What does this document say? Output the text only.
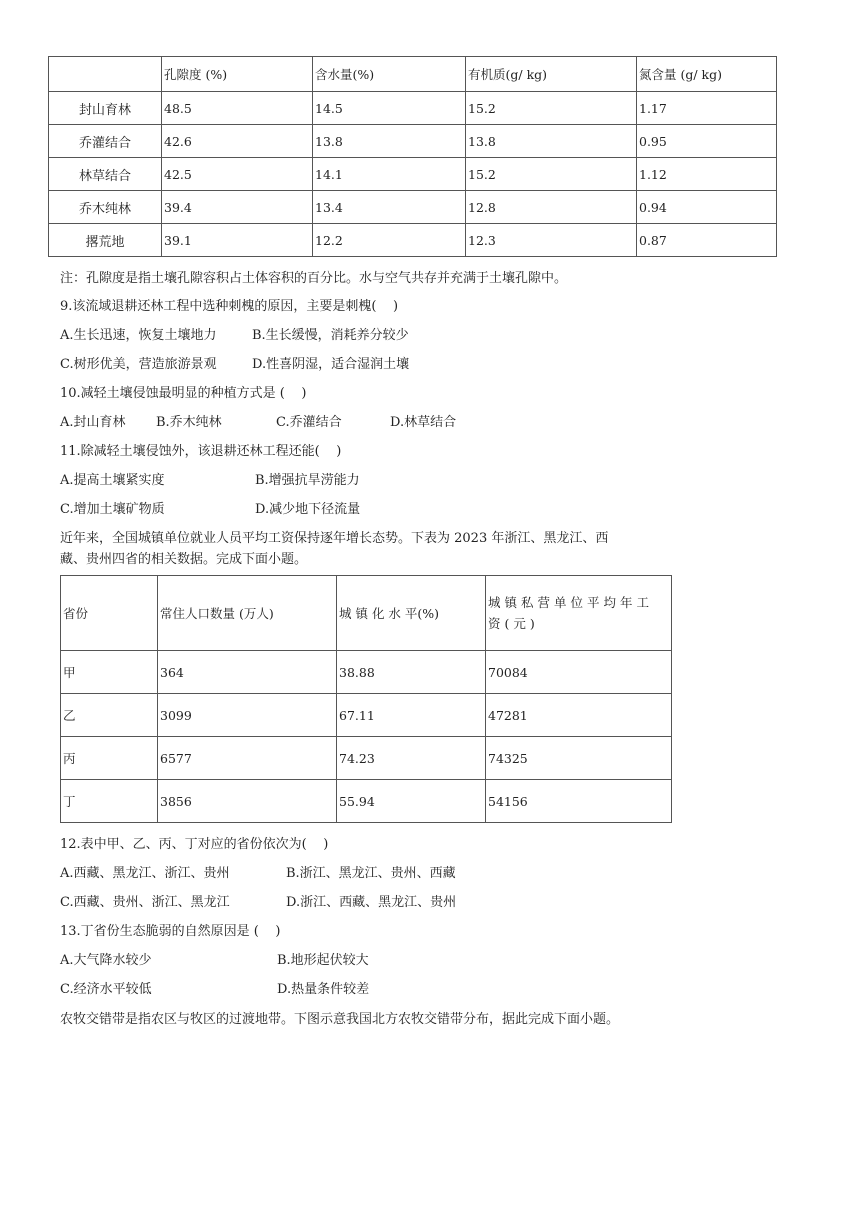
	孔隙度 (%)	含水量(%)	有机质(g/ kg)	氮含量 (g/ kg)
封山育林	48.5	14.5	15.2	1.17
乔灌结合	42.6	13.8	13.8	0.95
林草结合	42.5	14.1	15.2	1.12
乔木纯林	39.4	13.4	12.8	0.94
撂荒地	39.1	12.2	12.3	0.87
注：孔隙度是指土壤孔隙容积占土体容积的百分比。水与空气共存并充满于土壤孔隙中。
9.该流域退耕还林工程中选种刺槐的原因，主要是刺槐(    )
A.生长迅速，恢复土壤地力	B.生长缓慢，消耗养分较少
C.树形优美，营造旅游景观	D.性喜阴湿，适合湿润土壤
10.减轻土壤侵蚀最明显的种植方式是 (    )
A.封山育林 B.乔木纯林	C.乔灌结合	D.林草结合
11.除减轻土壤侵蚀外，该退耕还林工程还能(    )
A.提高土壤紧实度	B.增强抗旱涝能力
C.增加土壤矿物质	D.减少地下径流量
近年来，全国城镇单位就业人员平均工资保持逐年增长态势。下表为 2023 年浙江、黑龙江、西
藏、贵州四省的相关数据。完成下面小题。
省份	常住人口数量 (万人)	城 镇 化 水 平(%)	城镇私营单位平均年工资(元)
甲	364	38.88	70084
乙	3099	67.11	47281
丙	6577	74.23	74325
丁	3856	55.94	54156
12.表中甲、乙、丙、丁对应的省份依次为(    )
A.西藏、黑龙江、浙江、贵州	B.浙江、黑龙江、贵州、西藏
C.西藏、贵州、浙江、黑龙江	D.浙江、西藏、黑龙江、贵州
13.丁省份生态脆弱的自然原因是 (    )
A.大气降水较少	B.地形起伏较大
C.经济水平较低	D.热量条件较差
农牧交错带是指农区与牧区的过渡地带。下图示意我国北方农牧交错带分布，据此完成下面小题。
